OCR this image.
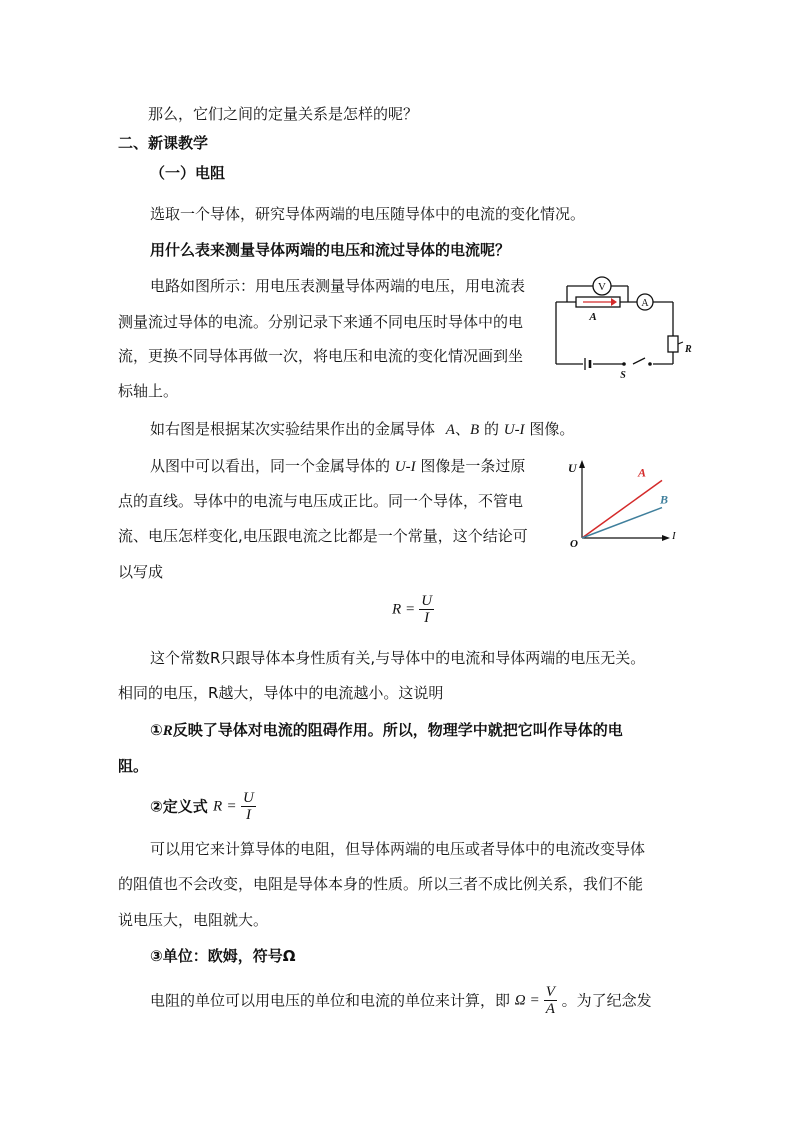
那么，它们之间的定量关系是怎样的呢？
二、新课教学
（一）电阻
选取一个导体，研究导体两端的电压随导体中的电流的变化情况。
用什么表来测量导体两端的电压和流过导体的电流呢？
电路如图所示：用电压表测量导体两端的电压，用电流表
测量流过导体的电流。分别记录下来通不同电压时导体中的电
流，更换不同导体再做一次，将电压和电流的变化情况画到坐
标轴上。
V
A
A
R
S
如右图是根据某次实验结果作出的金属导体 A、B 的 U-I 图像。
从图中可以看出，同一个金属导体的 U-I 图像是一条过原
点的直线。导体中的电流与电压成正比。同一个导体，不管电
流、电压怎样变化,电压跟电流之比都是一个常量，这个结论可
以写成
U
I
O
A
B
$R = \frac{U}{I}$
这个常数R只跟导体本身性质有关,与导体中的电流和导体两端的电压无关。
相同的电压，R越大，导体中的电流越小。这说明
①R反映了导体对电流的阻碍作用。所以，物理学中就把它叫作导体的电
阻。
②定义式 $R = \frac{U}{I}$
可以用它来计算导体的电阻，但导体两端的电压或者导体中的电流改变导体
的阻值也不会改变，电阻是导体本身的性质。所以三者不成比例关系，我们不能
说电压大，电阻就大。
③单位：欧姆，符号Ω
电阻的单位可以用电压的单位和电流的单位来计算，即 $\Omega = \frac{V}{A}$ 。为了纪念发
